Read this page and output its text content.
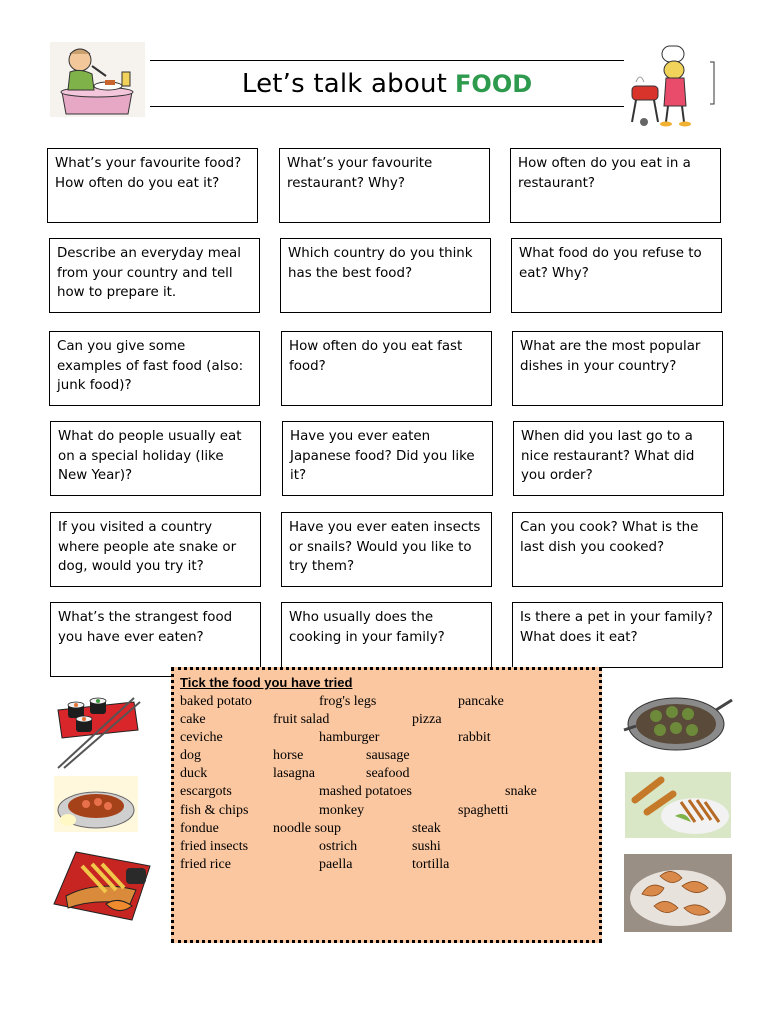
Let’s talk about FOOD
What’s your favourite food? How often do you eat it?
What’s your favourite restaurant? Why?
How often do you eat in a restaurant?
Describe an everyday meal from your country and tell how to prepare it.
Which country do you think has the best food?
What food do you refuse to eat? Why?
Can you give some examples of fast food (also: junk food)?
How often do you eat fast food?
What are the most popular dishes in your country?
What do people usually eat on a special holiday (like New Year)?
Have you ever eaten Japanese food? Did you like it?
When did you last go to a nice restaurant? What did you order?
If you visited a country where people ate snake or dog, would you try it?
Have you ever eaten insects or snails? Would you like to try them?
Can you cook? What is the last dish you cooked?
What’s the strangest food you have ever eaten?
Who usually does the cooking in your family?
Is there a pet in your family? What does it eat?
Tick the food you have tried
baked potato	frog's legs	pancake
cake	fruit salad	pizza
ceviche	hamburger	rabbit
dog	horse	sausage
duck	lasagna	seafood
escargots	mashed potatoes	snake
fish & chips	monkey	spaghetti
fondue	noodle soup	steak
fried insects	ostrich	sushi
fried rice	paella	tortilla
